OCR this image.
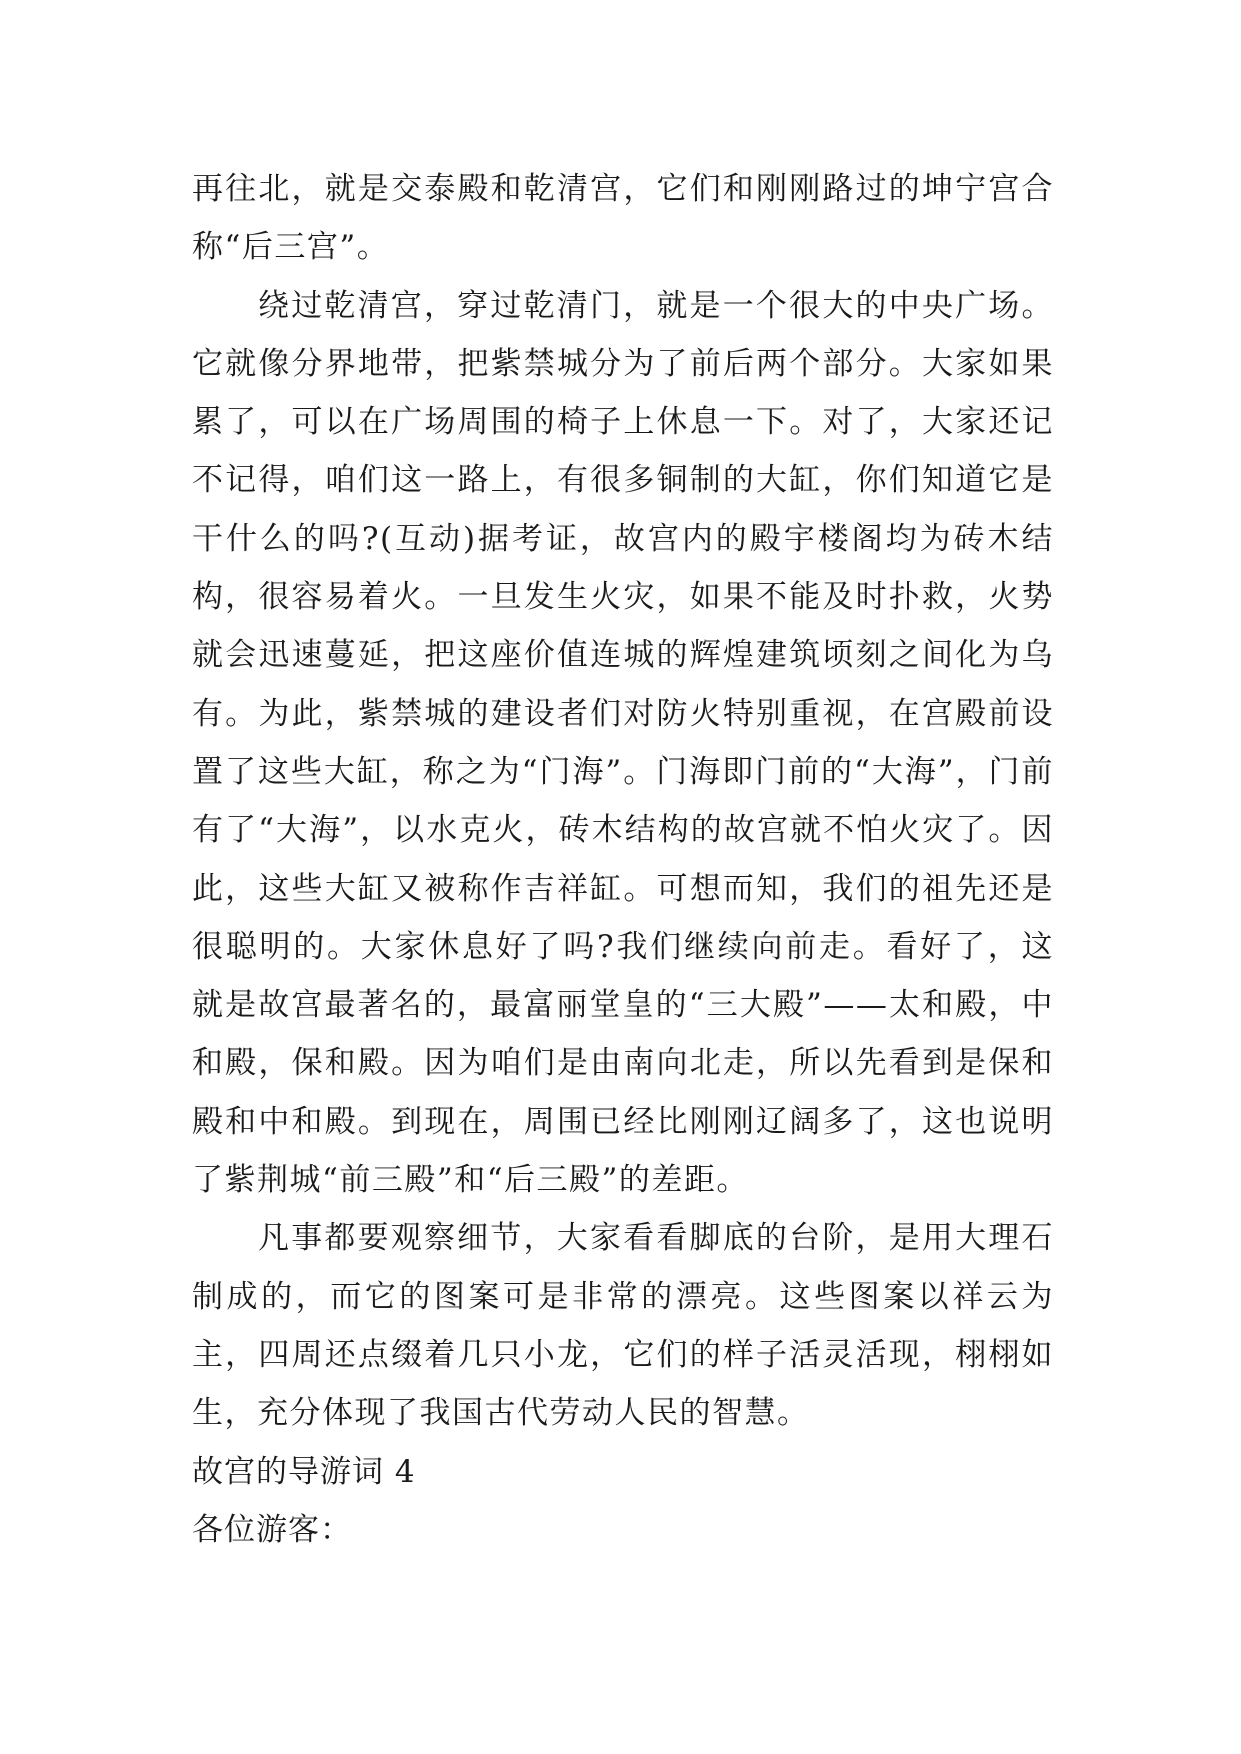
再往北，就是交泰殿和乾清宫，它们和刚刚路过的坤宁宫合称“后三宫”。

绕过乾清宫，穿过乾清门，就是一个很大的中央广场。它就像分界地带，把紫禁城分为了前后两个部分。大家如果累了，可以在广场周围的椅子上休息一下。对了，大家还记不记得，咱们这一路上，有很多铜制的大缸，你们知道它是干什么的吗?(互动)据考证，故宫内的殿宇楼阁均为砖木结构，很容易着火。一旦发生火灾，如果不能及时扑救，火势就会迅速蔓延，把这座价值连城的辉煌建筑顷刻之间化为乌有。为此，紫禁城的建设者们对防火特别重视，在宫殿前设置了这些大缸，称之为“门海”。门海即门前的“大海”，门前有了“大海”，以水克火，砖木结构的故宫就不怕火灾了。因此，这些大缸又被称作吉祥缸。可想而知，我们的祖先还是很聪明的。大家休息好了吗?我们继续向前走。看好了，这就是故宫最著名的，最富丽堂皇的“三大殿”——太和殿，中和殿，保和殿。因为咱们是由南向北走，所以先看到是保和殿和中和殿。到现在，周围已经比刚刚辽阔多了，这也说明了紫荆城“前三殿”和“后三殿”的差距。

凡事都要观察细节，大家看看脚底的台阶，是用大理石制成的，而它的图案可是非常的漂亮。这些图案以祥云为主，四周还点缀着几只小龙，它们的样子活灵活现，栩栩如生，充分体现了我国古代劳动人民的智慧。

故宫的导游词 4

各位游客：
